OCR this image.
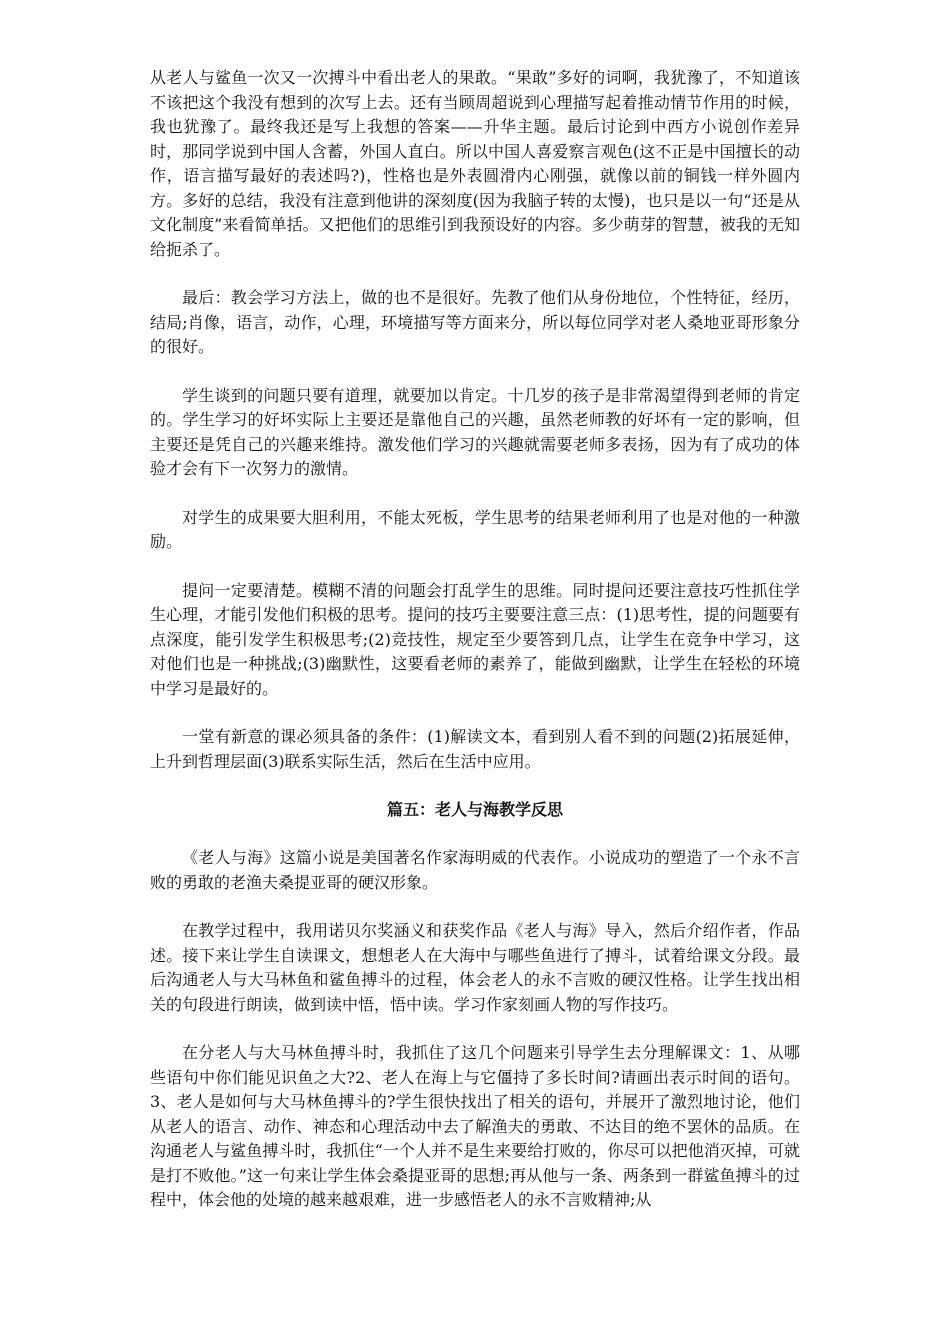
从老人与鲨鱼一次又一次搏斗中看出老人的果敢。“果敢”多好的词啊，我犹豫了，不知道该不该把这个我没有想到的次写上去。还有当顾周超说到心理描写起着推动情节作用的时候， 我也犹豫了。最终我还是写上我想的答案——升华主题。最后讨论到中西方小说创作差异时，那同学说到中国人含蓄，外国人直白。所以中国人喜爱察言观色(这不正是中国擅长的动作，语言描写最好的表述吗?)，性格也是外表圆滑内心刚强，就像以前的铜钱一样外圆内方。多好的总结，我没有注意到他讲的深刻度(因为我脑子转的太慢)，也只是以一句“还是从文化制度”来看简单括。又把他们的思维引到我预设好的内容。多少萌芽的智慧，被我的无知给扼杀了。

最后：教会学习方法上，做的也不是很好。先教了他们从身份地位，个性特征，经历，结局;肖像，语言，动作，心理，环境描写等方面来分，所以每位同学对老人桑地亚哥形象分的很好。

学生谈到的问题只要有道理，就要加以肯定。十几岁的孩子是非常渴望得到老师的肯定的。学生学习的好坏实际上主要还是靠他自己的兴趣，虽然老师教的好坏有一定的影响，但主要还是凭自己的兴趣来维持。激发他们学习的兴趣就需要老师多表扬，因为有了成功的体验才会有下一次努力的激情。

对学生的成果要大胆利用，不能太死板，学生思考的结果老师利用了也是对他的一种激励。

提问一定要清楚。模糊不清的问题会打乱学生的思维。同时提问还要注意技巧性抓住学生心理，才能引发他们积极的思考。提问的技巧主要要注意三点：(1)思考性，提的问题要有点深度，能引发学生积极思考;(2)竞技性，规定至少要答到几点，让学生在竞争中学习，这对他们也是一种挑战;(3)幽默性，这要看老师的素养了，能做到幽默，让学生在轻松的环境中学习是最好的。

一堂有新意的课必须具备的条件：(1)解读文本，看到别人看不到的问题(2)拓展延伸，上升到哲理层面(3)联系实际生活，然后在生活中应用。

篇五：老人与海教学反思

《老人与海》这篇小说是美国著名作家海明威的代表作。小说成功的塑造了一个永不言败的勇敢的老渔夫桑提亚哥的硬汉形象。

在教学过程中，我用诺贝尔奖涵义和获奖作品《老人与海》导入，然后介绍作者，作品述。接下来让学生自读课文，想想老人在大海中与哪些鱼进行了搏斗，试着给课文分段。最后沟通老人与大马林鱼和鲨鱼搏斗的过程，体会老人的永不言败的硬汉性格。让学生找出相关的句段进行朗读，做到读中悟，悟中读。学习作家刻画人物的写作技巧。

在分老人与大马林鱼搏斗时，我抓住了这几个问题来引导学生去分理解课文：1、从哪些语句中你们能见识鱼之大?2、老人在海上与它僵持了多长时间?请画出表示时间的语句。3、老人是如何与大马林鱼搏斗的?学生很快找出了相关的语句，并展开了激烈地讨论，他们从老人的语言、动作、神态和心理活动中去了解渔夫的勇敢、不达目的绝不罢休的品质。在沟通老人与鲨鱼搏斗时，我抓住“一个人并不是生来要给打败的，你尽可以把他消灭掉，可就是打不败他。”这一句来让学生体会桑提亚哥的思想;再从他与一条、两条到一群鲨鱼搏斗的过程中，体会他的处境的越来越艰难，进一步感悟老人的永不言败精神;从
